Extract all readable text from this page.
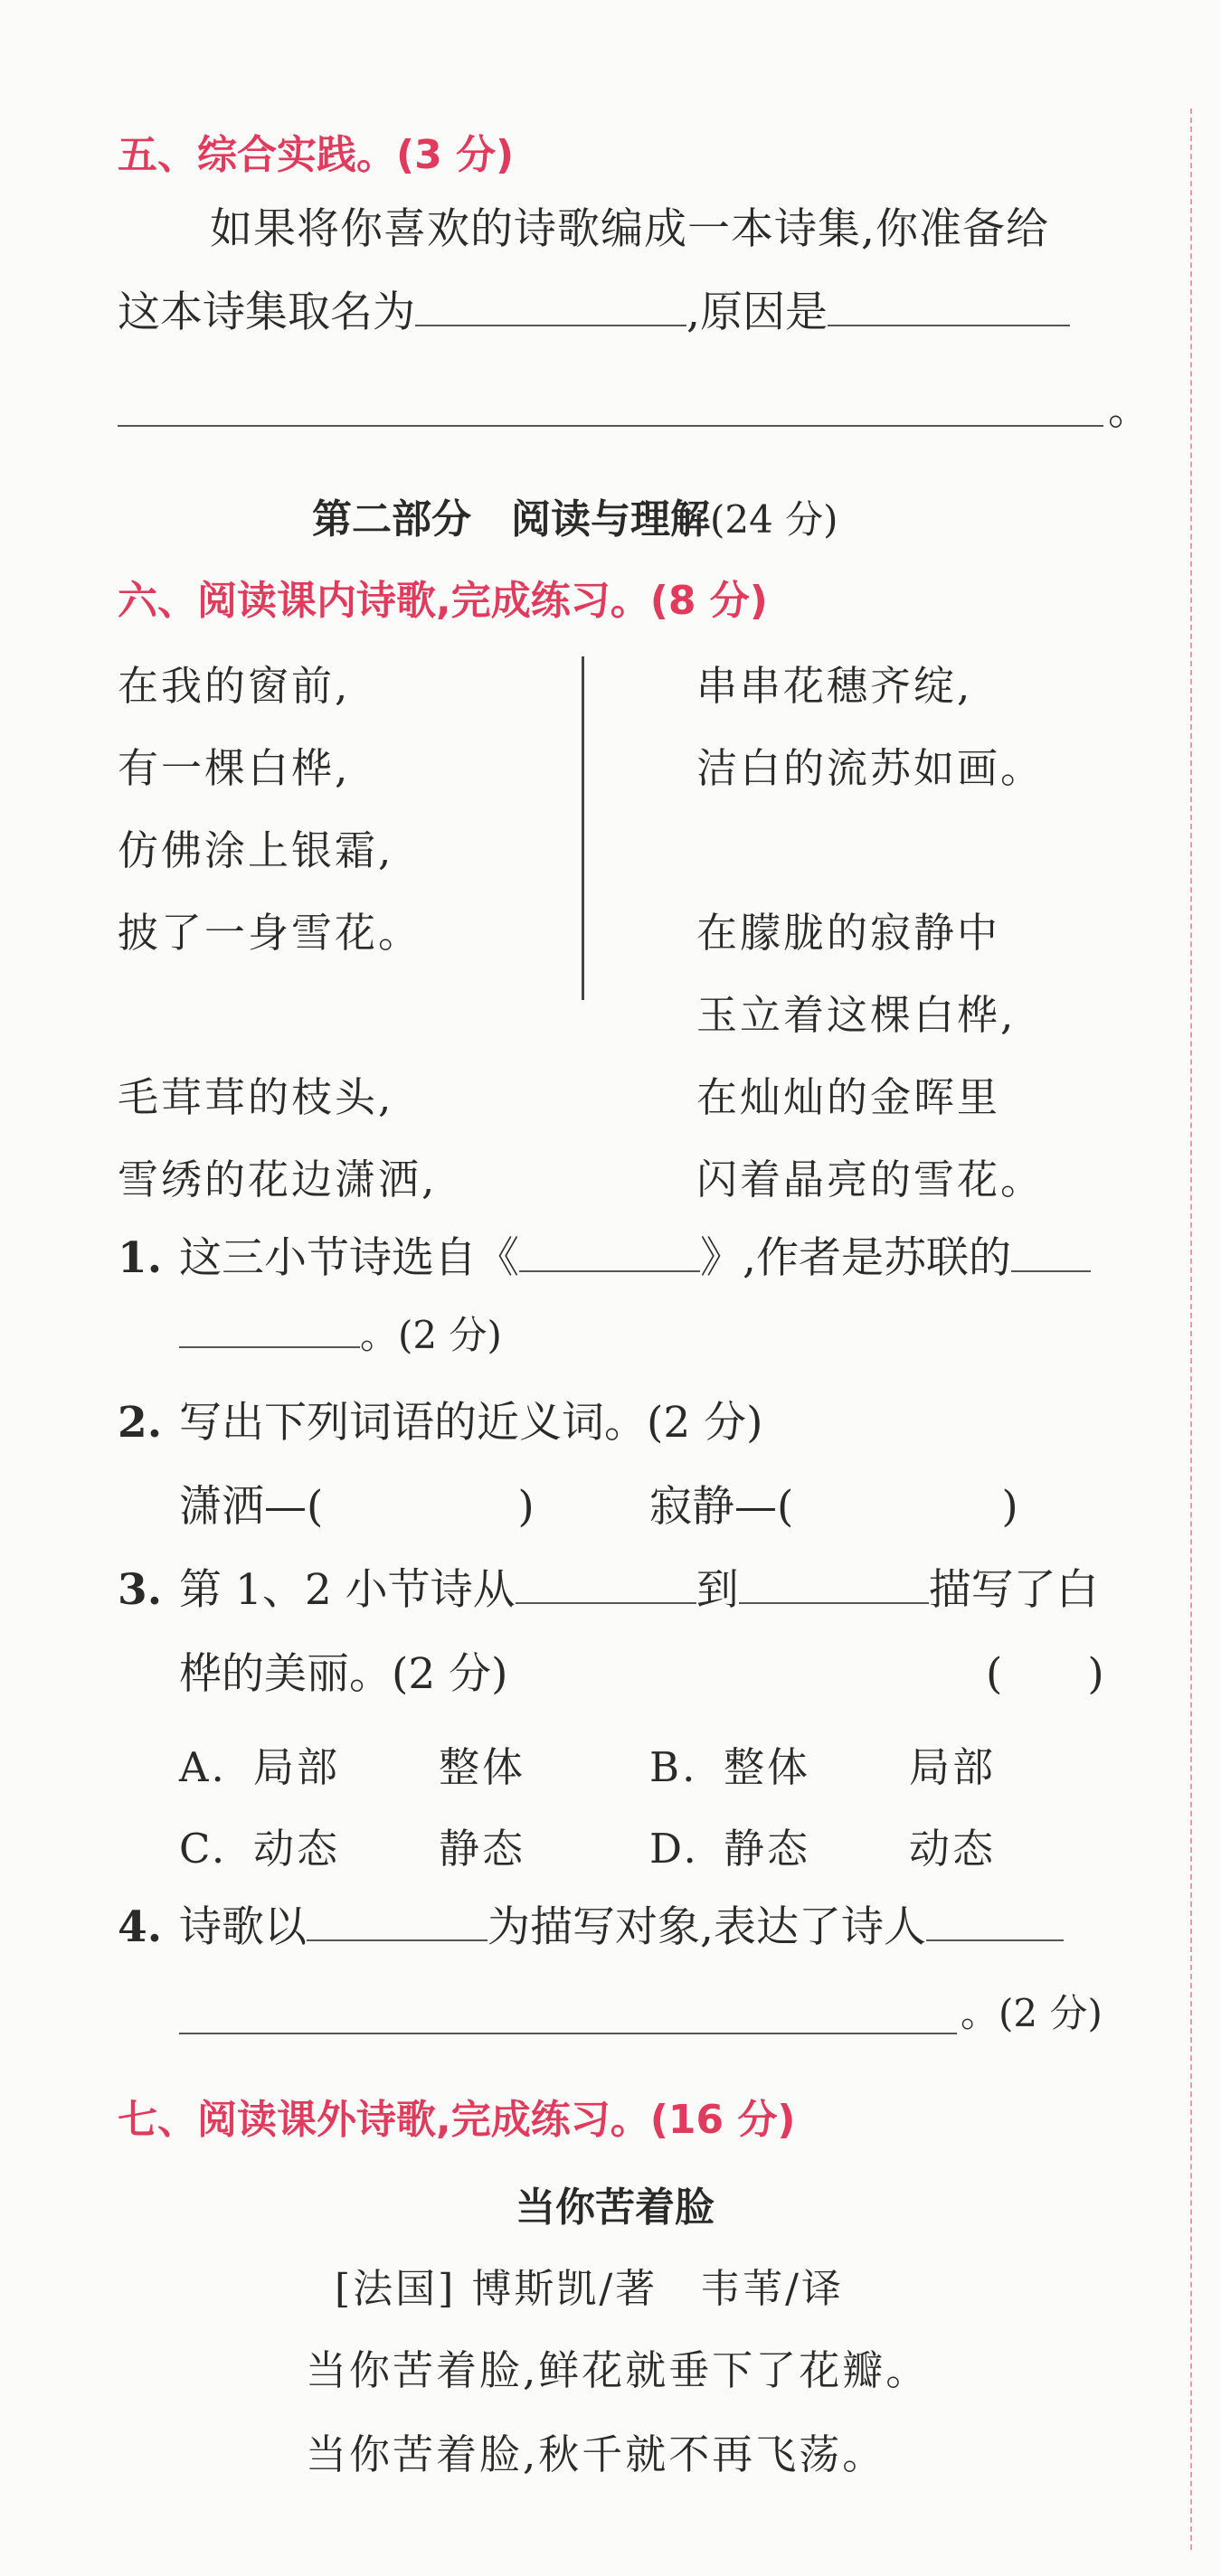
五、综合实践。(3 分)
如果将你喜欢的诗歌编成一本诗集,你准备给
这本诗集取名为	,原因是
。
第二部分　阅读与理解(24 分)
六、阅读课内诗歌,完成练习。(8 分)
在我的窗前,
有一棵白桦,
仿佛涂上银霜,
披了一身雪花。
毛茸茸的枝头,
雪绣的花边潇洒,
串串花穗齐绽,
洁白的流苏如画。
在朦胧的寂静中
玉立着这棵白桦,
在灿灿的金晖里
闪着晶亮的雪花。
1. 这三小节诗选自《	》,作者是苏联的
。(2 分)
2. 写出下列词语的近义词。(2 分)
潇洒—(	)	寂静—(	)
3. 第 1、2 小节诗从	到	描写了白
桦的美丽。(2 分)	(　　)
A. 局部 整体	B. 整体 局部
C. 动态 静态	D. 静态 动态
4. 诗歌以	为描写对象,表达了诗人
。(2 分)
七、阅读课外诗歌,完成练习。(16 分)
当你苦着脸
[法国] 博斯凯/著　韦苇/译
当你苦着脸,鲜花就垂下了花瓣。
当你苦着脸,秋千就不再飞荡。
